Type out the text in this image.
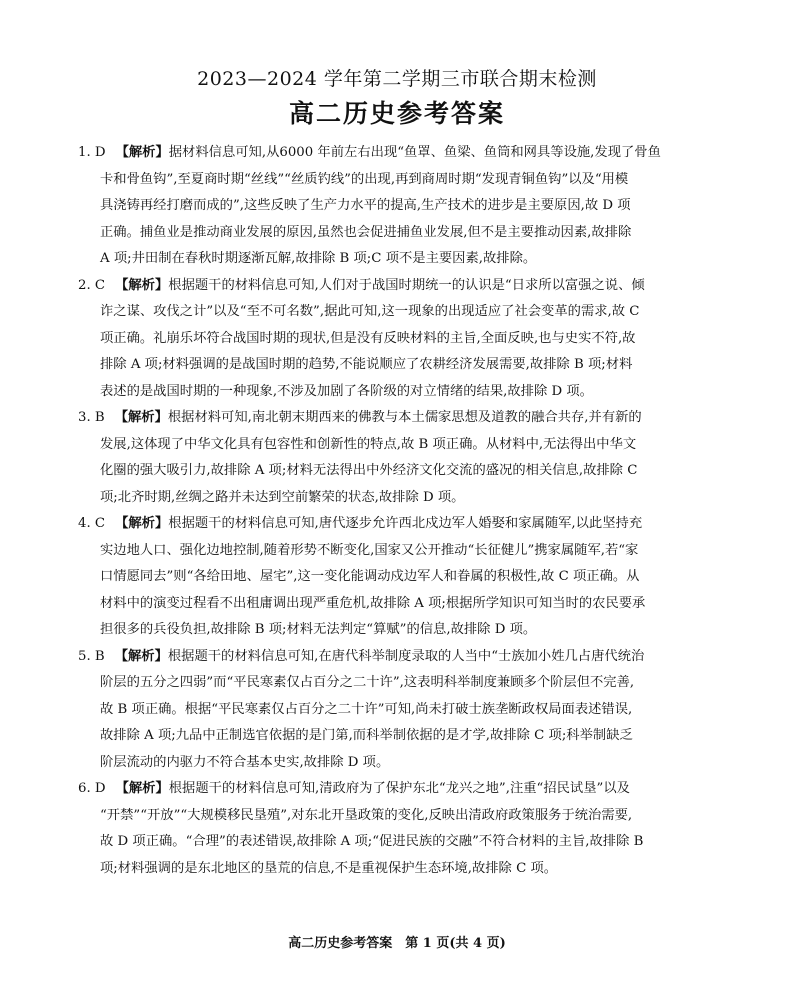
2023—2024 学年第二学期三市联合期末检测
高二历史参考答案
1. D 【解析】据材料信息可知,从6000 年前左右出现“鱼罩、鱼梁、鱼筒和网具等设施,发现了骨鱼
卡和骨鱼钩”,至夏商时期“丝线”“丝质钓线”的出现,再到商周时期“发现青铜鱼钩”以及“用模
具浇铸再经打磨而成的”,这些反映了生产力水平的提高,生产技术的进步是主要原因,故 D 项
正确。捕鱼业是推动商业发展的原因,虽然也会促进捕鱼业发展,但不是主要推动因素,故排除
A 项;井田制在春秋时期逐渐瓦解,故排除 B 项;C 项不是主要因素,故排除。
2. C 【解析】根据题干的材料信息可知,人们对于战国时期统一的认识是“日求所以富强之说、倾
诈之谋、攻伐之计”以及“至不可名数”,据此可知,这一现象的出现适应了社会变革的需求,故 C
项正确。礼崩乐坏符合战国时期的现状,但是没有反映材料的主旨,全面反映,也与史实不符,故
排除 A 项;材料强调的是战国时期的趋势,不能说顺应了农耕经济发展需要,故排除 B 项;材料
表述的是战国时期的一种现象,不涉及加剧了各阶级的对立情绪的结果,故排除 D 项。
3. B 【解析】根据材料可知,南北朝末期西来的佛教与本土儒家思想及道教的融合共存,并有新的
发展,这体现了中华文化具有包容性和创新性的特点,故 B 项正确。从材料中,无法得出中华文
化圈的强大吸引力,故排除 A 项;材料无法得出中外经济文化交流的盛况的相关信息,故排除 C
项;北齐时期,丝绸之路并未达到空前繁荣的状态,故排除 D 项。
4. C 【解析】根据题干的材料信息可知,唐代逐步允许西北戍边军人婚娶和家属随军,以此坚持充
实边地人口、强化边地控制,随着形势不断变化,国家又公开推动“长征健儿”携家属随军,若“家
口情愿同去”则“各给田地、屋宅”,这一变化能调动戍边军人和眷属的积极性,故 C 项正确。从
材料中的演变过程看不出租庸调出现严重危机,故排除 A 项;根据所学知识可知当时的农民要承
担很多的兵役负担,故排除 B 项;材料无法判定“算赋”的信息,故排除 D 项。
5. B 【解析】根据题干的材料信息可知,在唐代科举制度录取的人当中“士族加小姓几占唐代统治
阶层的五分之四弱”而“平民寒素仅占百分之二十许”,这表明科举制度兼顾多个阶层但不完善,
故 B 项正确。根据“平民寒素仅占百分之二十许”可知,尚未打破士族垄断政权局面表述错误,
故排除 A 项;九品中正制选官依据的是门第,而科举制依据的是才学,故排除 C 项;科举制缺乏
阶层流动的内驱力不符合基本史实,故排除 D 项。
6. D 【解析】根据题干的材料信息可知,清政府为了保护东北“龙兴之地”,注重“招民试垦”以及
“开禁”“开放”“大规模移民垦殖”,对东北开垦政策的变化,反映出清政府政策服务于统治需要,
故 D 项正确。“合理”的表述错误,故排除 A 项;“促进民族的交融”不符合材料的主旨,故排除 B
项;材料强调的是东北地区的垦荒的信息,不是重视保护生态环境,故排除 C 项。
高二历史参考答案　第 1 页(共 4 页)
